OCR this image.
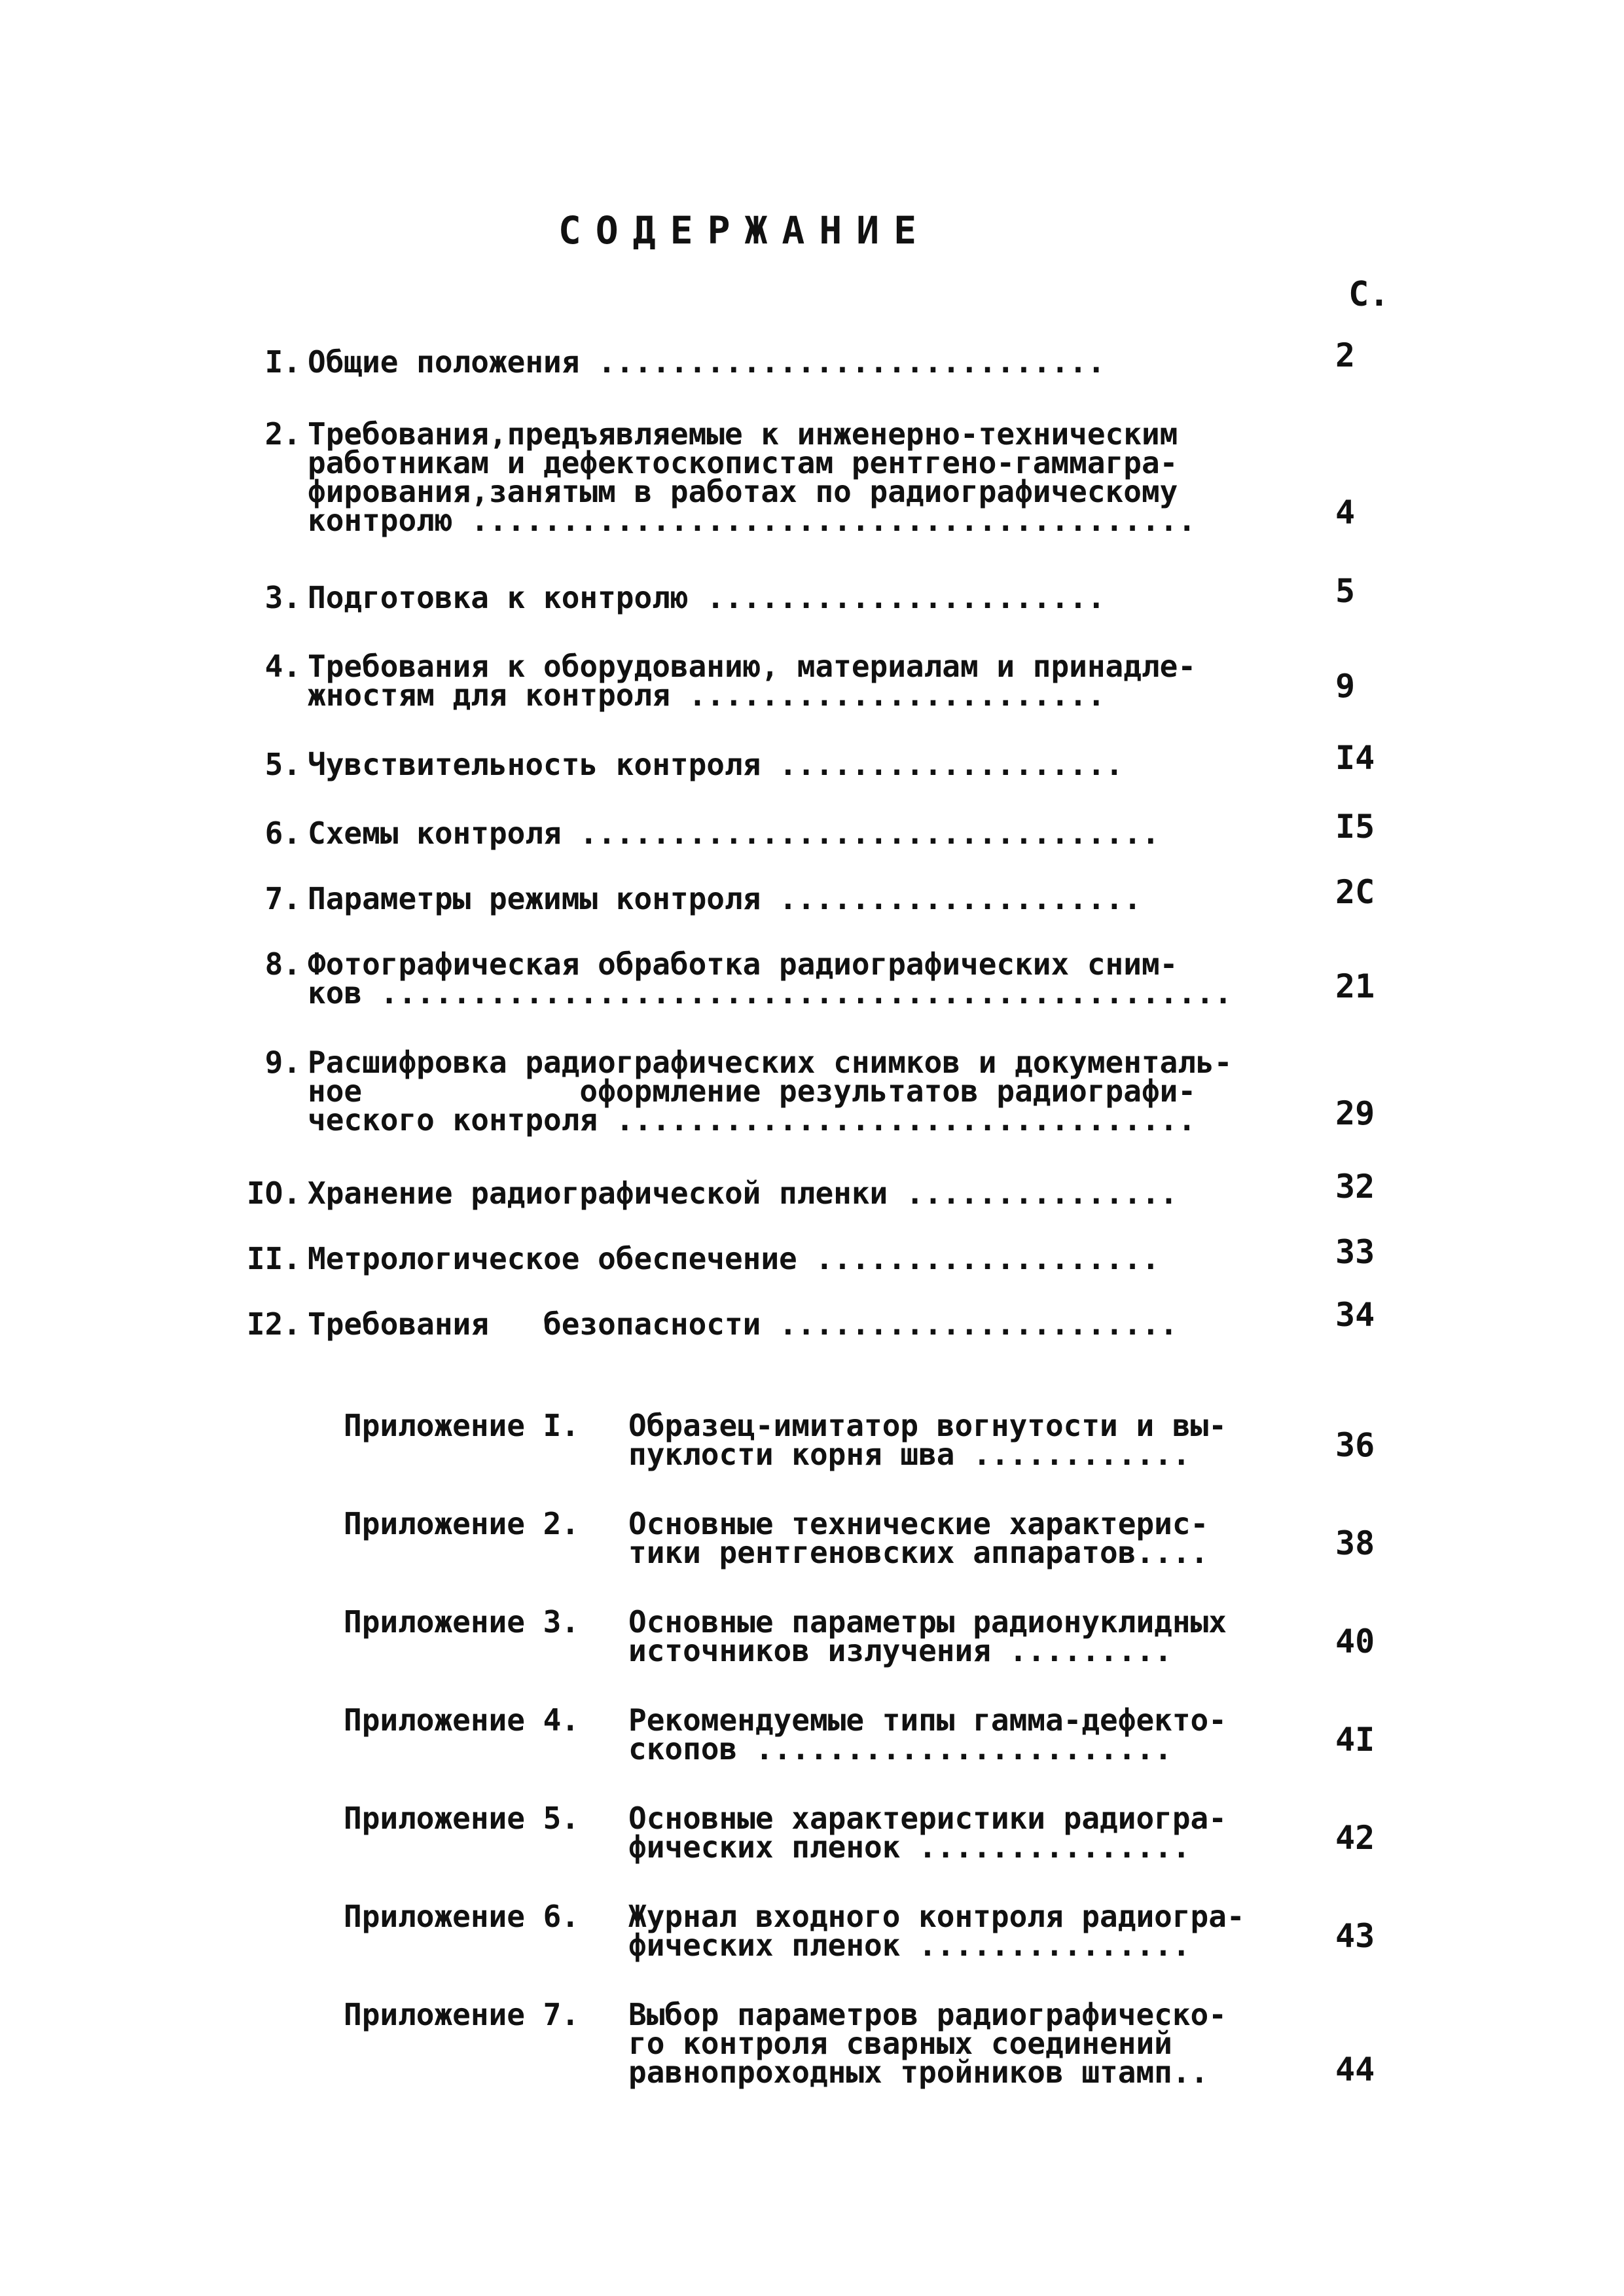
СОДЕРЖАНИЕ
С.
I. Общие положения ............................	2
2. Требования,предъявляемые к инженерно-техническим
работникам и дефектоскопистам рентгено-гаммагра-
фирования,занятым в работах по радиографическому
контролю ........................................	4
3. Подготовка к контролю ......................	5
4. Требования к оборудованию, материалам и принадле-
жностям для контроля .......................	9
5. Чувствительность контроля ...................	I4
6. Схемы контроля ................................	I5
7. Параметры режимы контроля ....................	2С
8. Фотографическая обработка радиографических сним-
ков ...............................................	21
9. Расшифровка радиографических снимков и документаль-
ное            оформление результатов радиографи-
ческого контроля ................................	29
IO. Хранение радиографической пленки ...............	32
II. Метрологическое обеспечение ...................	33
I2. Требования   безопасности ......................	34
Приложение I. Образец-имитатор вогнутости и вы-
пуклости корня шва ............	36
Приложение 2. Основные технические характерис-
тики рентгеновских аппаратов....	38
Приложение 3. Основные параметры радионуклидных
источников излучения .........	40
Приложение 4. Рекомендуемые типы гамма-дефекто-
скопов .......................	4I
Приложение 5. Основные характеристики радиогра-
фических пленок ...............	42
Приложение 6. Журнал входного контроля радиогра-
фических пленок ...............	43
Приложение 7. Выбор параметров радиографическо-
го контроля сварных соединений
равнопроходных тройников штамп..	44
